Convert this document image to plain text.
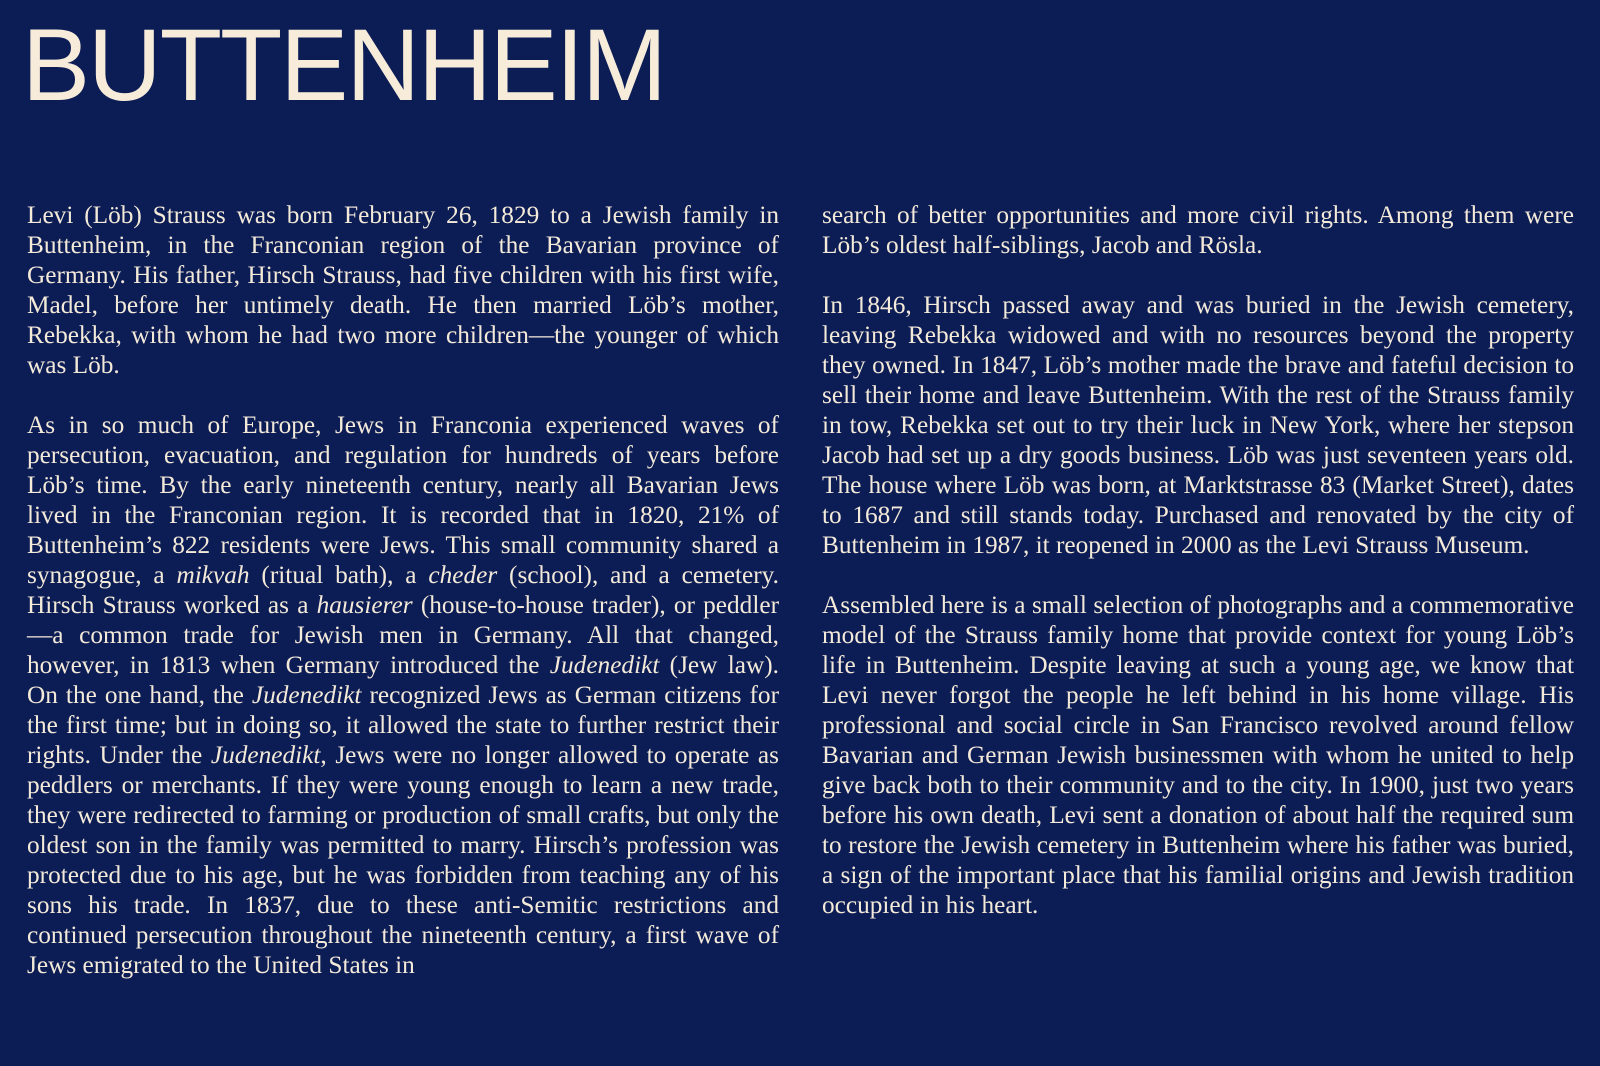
BUTTENHEIM

Levi (Löb) Strauss was born February 26, 1829 to a Jewish family in Buttenheim, in the Franconian region of the Bavarian province of Germany. His father, Hirsch Strauss, had five children with his first wife, Madel, before her untimely death. He then married Löb’s mother, Rebekka, with whom he had two more children—the younger of which was Löb.

As in so much of Europe, Jews in Franconia experienced waves of persecution, evacuation, and regulation for hundreds of years before Löb’s time. By the early nineteenth century, nearly all Bavarian Jews lived in the Franconian region. It is recorded that in 1820, 21% of Buttenheim’s 822 residents were Jews. This small community shared a synagogue, a mikvah (ritual bath), a cheder (school), and a cemetery. Hirsch Strauss worked as a hausierer (house-to-house trader), or peddler—a common trade for Jewish men in Germany. All that changed, however, in 1813 when Germany introduced the Judenedikt (Jew law). On the one hand, the Judenedikt recognized Jews as German citizens for the first time; but in doing so, it allowed the state to further restrict their rights. Under the Judenedikt, Jews were no longer allowed to operate as peddlers or merchants. If they were young enough to learn a new trade, they were redirected to farming or production of small crafts, but only the oldest son in the family was permitted to marry. Hirsch’s profession was protected due to his age, but he was forbidden from teaching any of his sons his trade. In 1837, due to these anti-Semitic restrictions and continued persecution throughout the nineteenth century, a first wave of Jews emigrated to the United States in

search of better opportunities and more civil rights. Among them were Löb’s oldest half-siblings, Jacob and Rösla.

In 1846, Hirsch passed away and was buried in the Jewish cemetery, leaving Rebekka widowed and with no resources beyond the property they owned. In 1847, Löb’s mother made the brave and fateful decision to sell their home and leave Buttenheim. With the rest of the Strauss family in tow, Rebekka set out to try their luck in New York, where her stepson Jacob had set up a dry goods business. Löb was just seventeen years old. The house where Löb was born, at Marktstrasse 83 (Market Street), dates to 1687 and still stands today. Purchased and renovated by the city of Buttenheim in 1987, it reopened in 2000 as the Levi Strauss Museum.

Assembled here is a small selection of photographs and a commemorative model of the Strauss family home that provide context for young Löb’s life in Buttenheim. Despite leaving at such a young age, we know that Levi never forgot the people he left behind in his home village. His professional and social circle in San Francisco revolved around fellow Bavarian and German Jewish businessmen with whom he united to help give back both to their community and to the city. In 1900, just two years before his own death, Levi sent a donation of about half the required sum to restore the Jewish cemetery in Buttenheim where his father was buried, a sign of the important place that his familial origins and Jewish tradition occupied in his heart.
